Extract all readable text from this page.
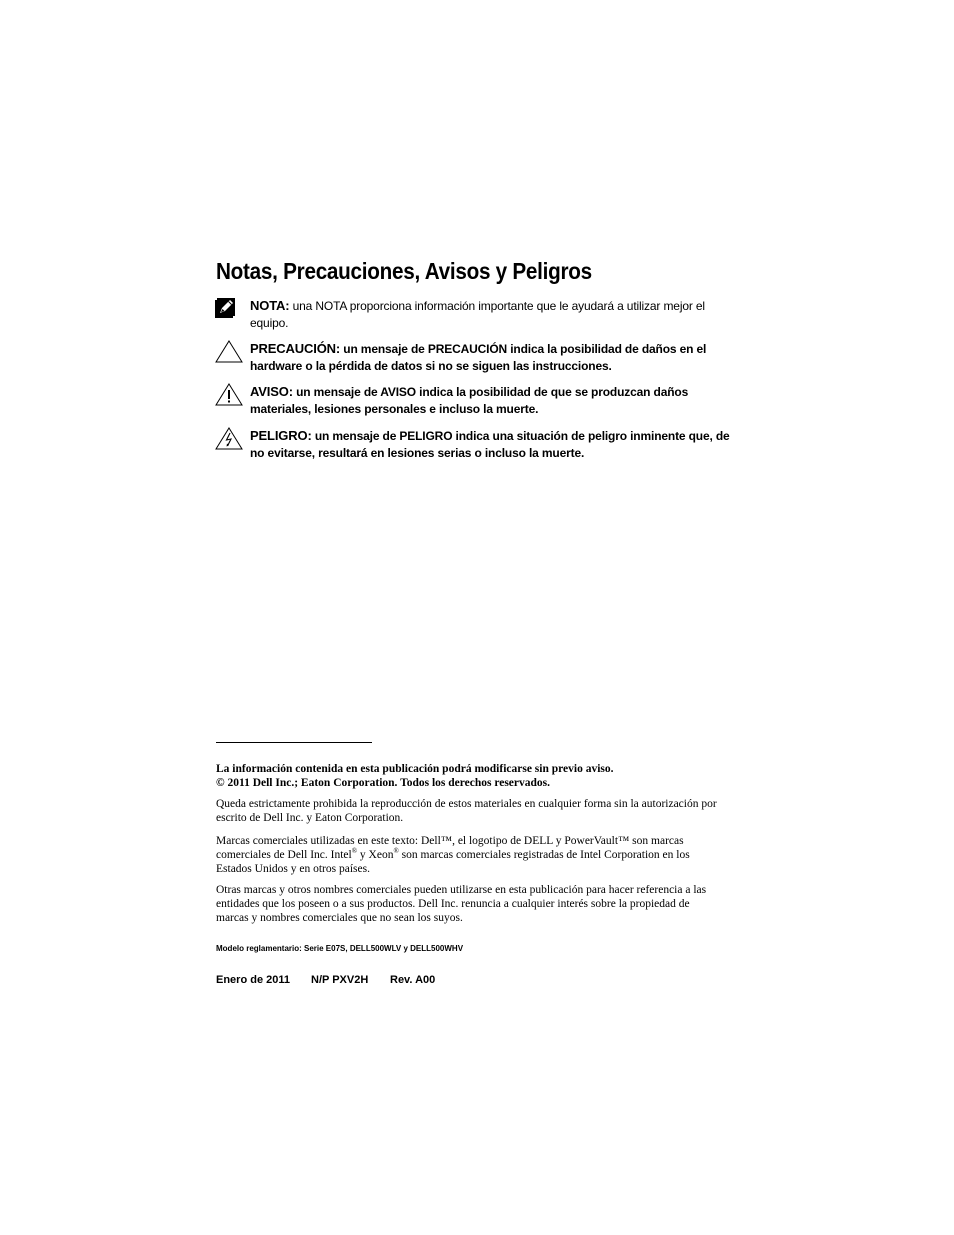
Notas, Precauciones, Avisos y Peligros
NOTA: una NOTA proporciona información importante que le ayudará a utilizar mejor el equipo.
PRECAUCIÓN: un mensaje de PRECAUCIÓN indica la posibilidad de daños en el hardware o la pérdida de datos si no se siguen las instrucciones.
AVISO: un mensaje de AVISO indica la posibilidad de que se produzcan daños materiales, lesiones personales e incluso la muerte.
PELIGRO: un mensaje de PELIGRO indica una situación de peligro inminente que, de no evitarse, resultará en lesiones serias o incluso la muerte.

La información contenida en esta publicación podrá modificarse sin previo aviso.
© 2011 Dell Inc.; Eaton Corporation. Todos los derechos reservados.

Queda estrictamente prohibida la reproducción de estos materiales en cualquier forma sin la autorización por escrito de Dell Inc. y Eaton Corporation.

Marcas comerciales utilizadas en este texto: Dell™, el logotipo de DELL y PowerVault™ son marcas comerciales de Dell Inc. Intel® y Xeon® son marcas comerciales registradas de Intel Corporation en los Estados Unidos y en otros países.

Otras marcas y otros nombres comerciales pueden utilizarse en esta publicación para hacer referencia a las entidades que los poseen o a sus productos. Dell Inc. renuncia a cualquier interés sobre la propiedad de marcas y nombres comerciales que no sean los suyos.

Modelo reglamentario: Serie E07S, DELL500WLV y DELL500WHV
Enero de 2011 N/P PXV2H Rev. A00
